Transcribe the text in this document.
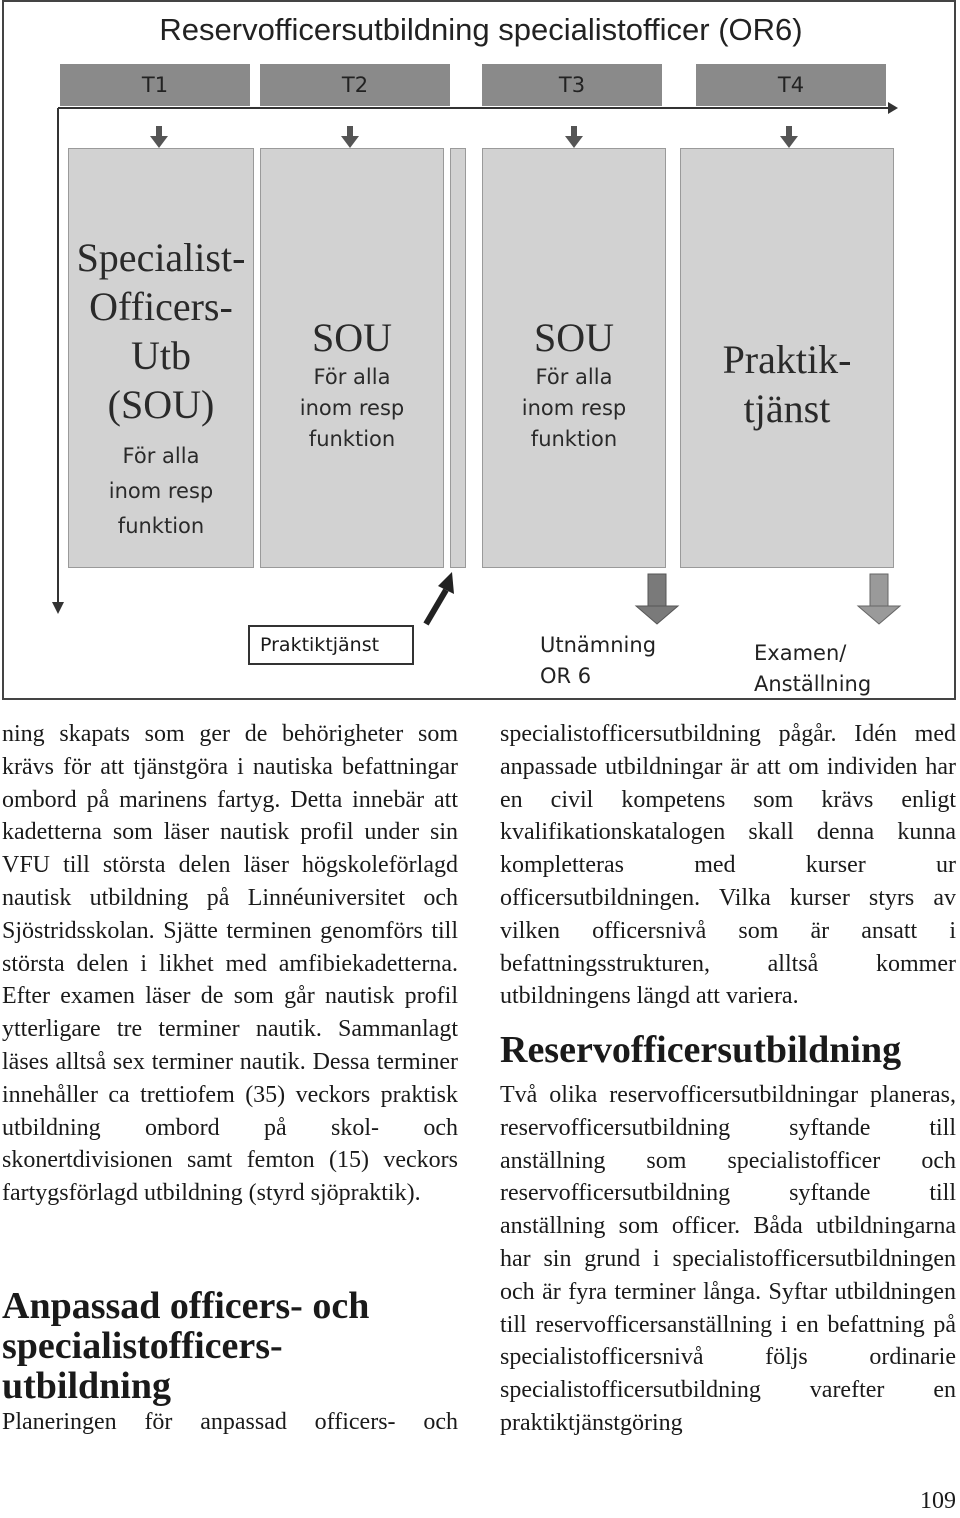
Reservofficersutbildning specialistofficer (OR6)
T1	T2	T3	T4
Specialist-
Officers-
Utb
(SOU)
För alla
inom resp
funktion
SOU
För alla
inom resp
funktion
SOU
För alla
inom resp
funktion
Praktik-
tjänst
Praktiktjänst	Utnämning
OR 6
Examen/
Anställning

ning skapats som ger de behörigheter som krävs för att tjänstgöra i nautiska befattningar ombord på marinens fartyg. Detta innebär att kadetterna som läser nautisk profil under sin VFU till största delen läser högskoleförlagd nautisk utbildning på Linnéuniversitet och Sjöstridsskolan. Sjätte terminen genomförs till största delen i likhet med amfibiekadetterna. Efter examen läser de som går nautisk profil ytterligare tre terminer nautik. Sammanlagt läses alltså sex terminer nautik. Dessa terminer innehåller ca trettiofem (35) veckors praktisk utbildning ombord på skol- och skonertdivisionen samt femton (15) veckors fartygsförlagd utbildning (styrd sjöpraktik).

Anpassad officers- och
specialistofficers-
utbildning

Planeringen för anpassad officers- och

specialistofficersutbildning pågår. Idén med anpassade utbildningar är att om individen har en civil kompetens som krävs enligt kvalifikationskatalogen skall denna kunna kompletteras med kurser ur officersutbildningen. Vilka kurser styrs av vilken officersnivå som är ansatt i befattningsstrukturen, alltså kommer utbildningens längd att variera.

Reservofficersutbildning

Två olika reservofficersutbildningar planeras, reservofficersutbildning syftande till anställning som specialistofficer och reservofficersutbildning syftande till anställning som officer. Båda utbildningarna har sin grund i specialistofficersutbildningen och är fyra terminer långa. Syftar utbildningen till reservofficersanställning i en befattning på specialistofficersnivå följs ordinarie specialistofficersutbildning varefter en praktiktjänstgöring

109
